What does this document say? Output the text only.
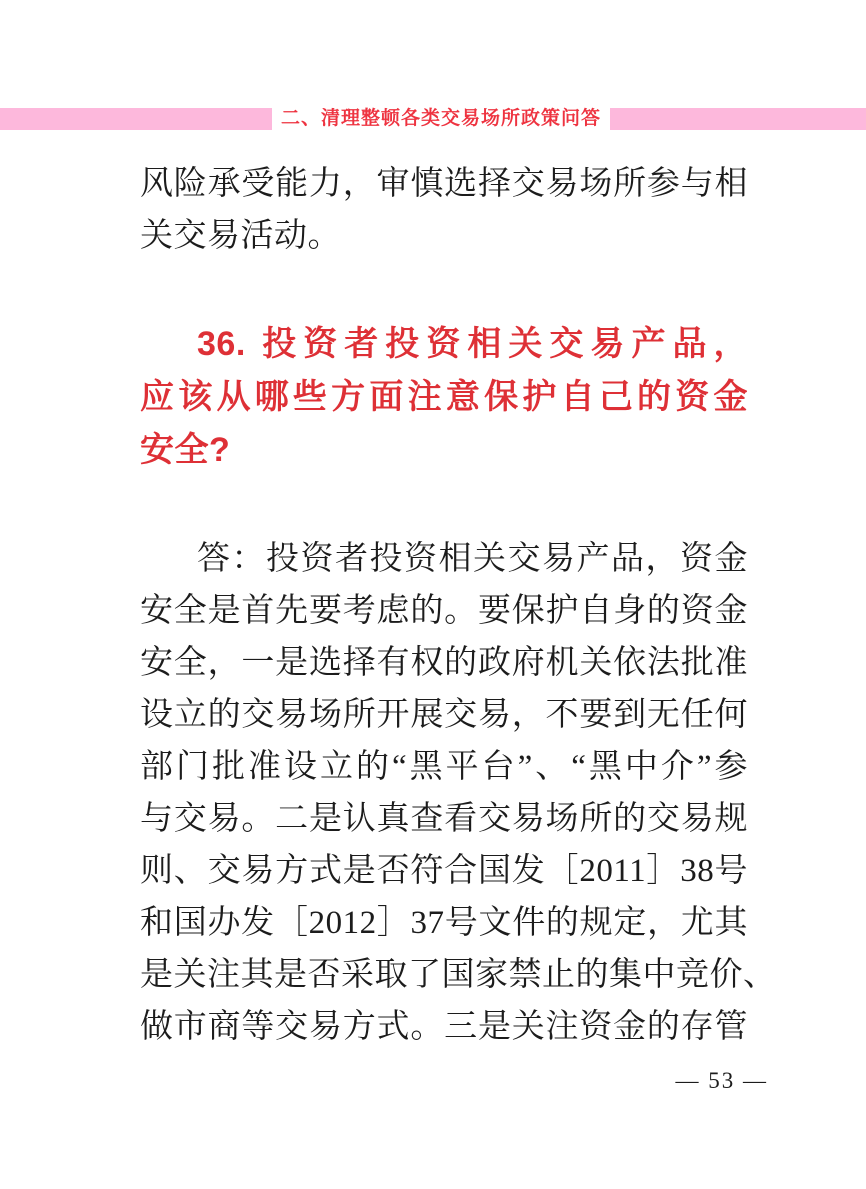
二、清理整顿各类交易场所政策问答
风险承受能力，审慎选择交易场所参与相
关交易活动。
36. 投资者投资相关交易产品，
应该从哪些方面注意保护自己的资金
安全?
答：投资者投资相关交易产品，资金
安全是首先要考虑的。要保护自身的资金
安全，一是选择有权的政府机关依法批准
设立的交易场所开展交易，不要到无任何
部门批准设立的“黑平台”、“黑中介”参
与交易。二是认真查看交易场所的交易规
则、交易方式是否符合国发［2011］38号
和国办发［2012］37号文件的规定，尤其
是关注其是否采取了国家禁止的集中竞价、
做市商等交易方式。三是关注资金的存管
— 53 —
